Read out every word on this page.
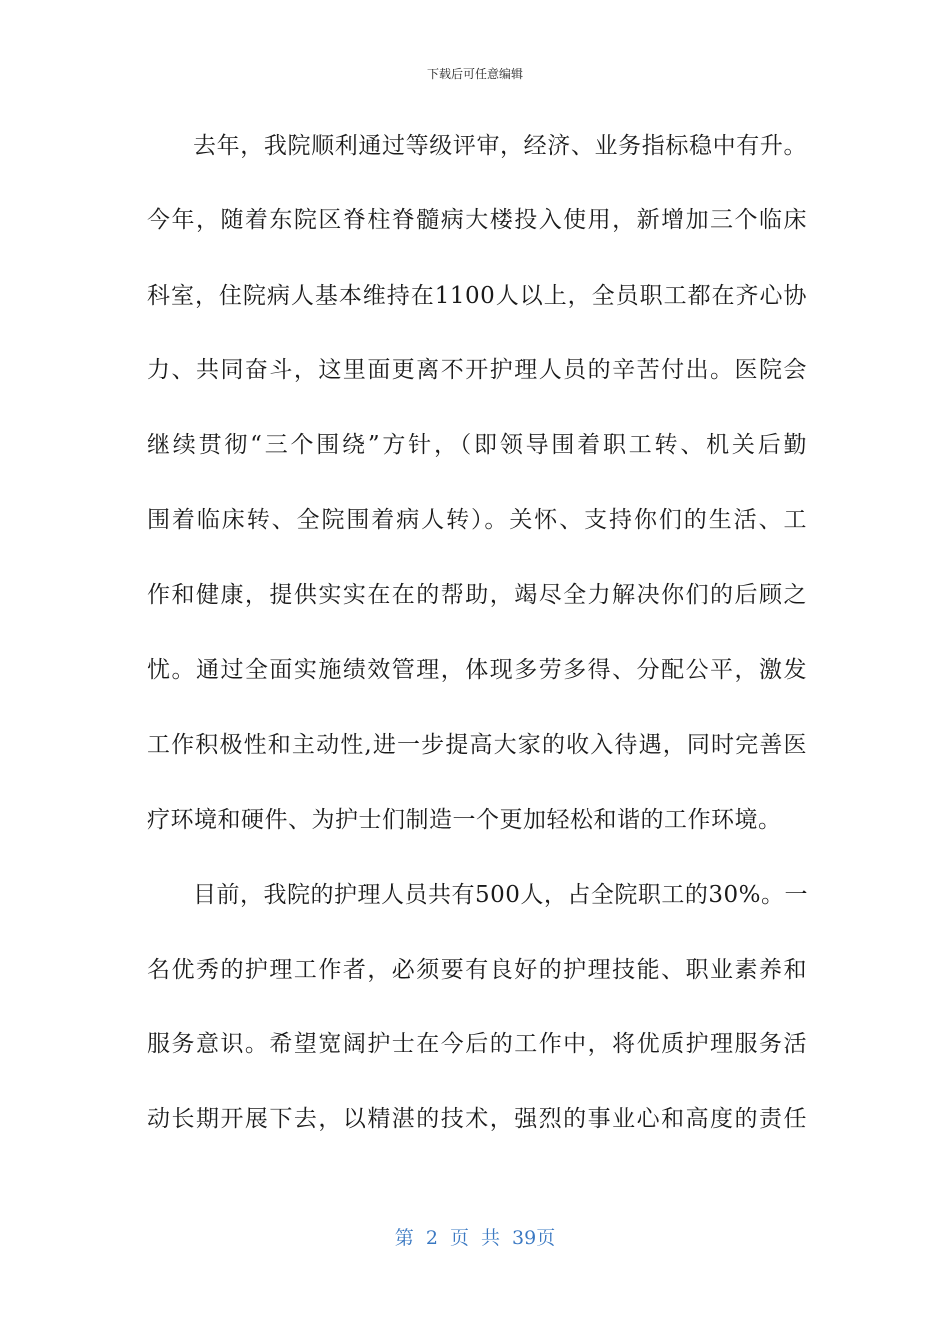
下载后可任意编辑
去年，我院顺利通过等级评审，经济、业务指标稳中有升。
今年，随着东院区脊柱脊髓病大楼投入使用，新增加三个临床
科室，住院病人基本维持在1100人以上，全员职工都在齐心协
力、共同奋斗，这里面更离不开护理人员的辛苦付出。医院会
继续贯彻“三个围绕”方针，（即领导围着职工转、机关后勤
围着临床转、全院围着病人转）。关怀、支持你们的生活、工
作和健康，提供实实在在的帮助，竭尽全力解决你们的后顾之
忧。通过全面实施绩效管理，体现多劳多得、分配公平，激发
工作积极性和主动性,进一步提高大家的收入待遇，同时完善医
疗环境和硬件、为护士们制造一个更加轻松和谐的工作环境。
目前，我院的护理人员共有500人，占全院职工的30%。一
名优秀的护理工作者，必须要有良好的护理技能、职业素养和
服务意识。希望宽阔护士在今后的工作中，将优质护理服务活
动长期开展下去，以精湛的技术，强烈的事业心和高度的责任
第 2 页 共 39页
